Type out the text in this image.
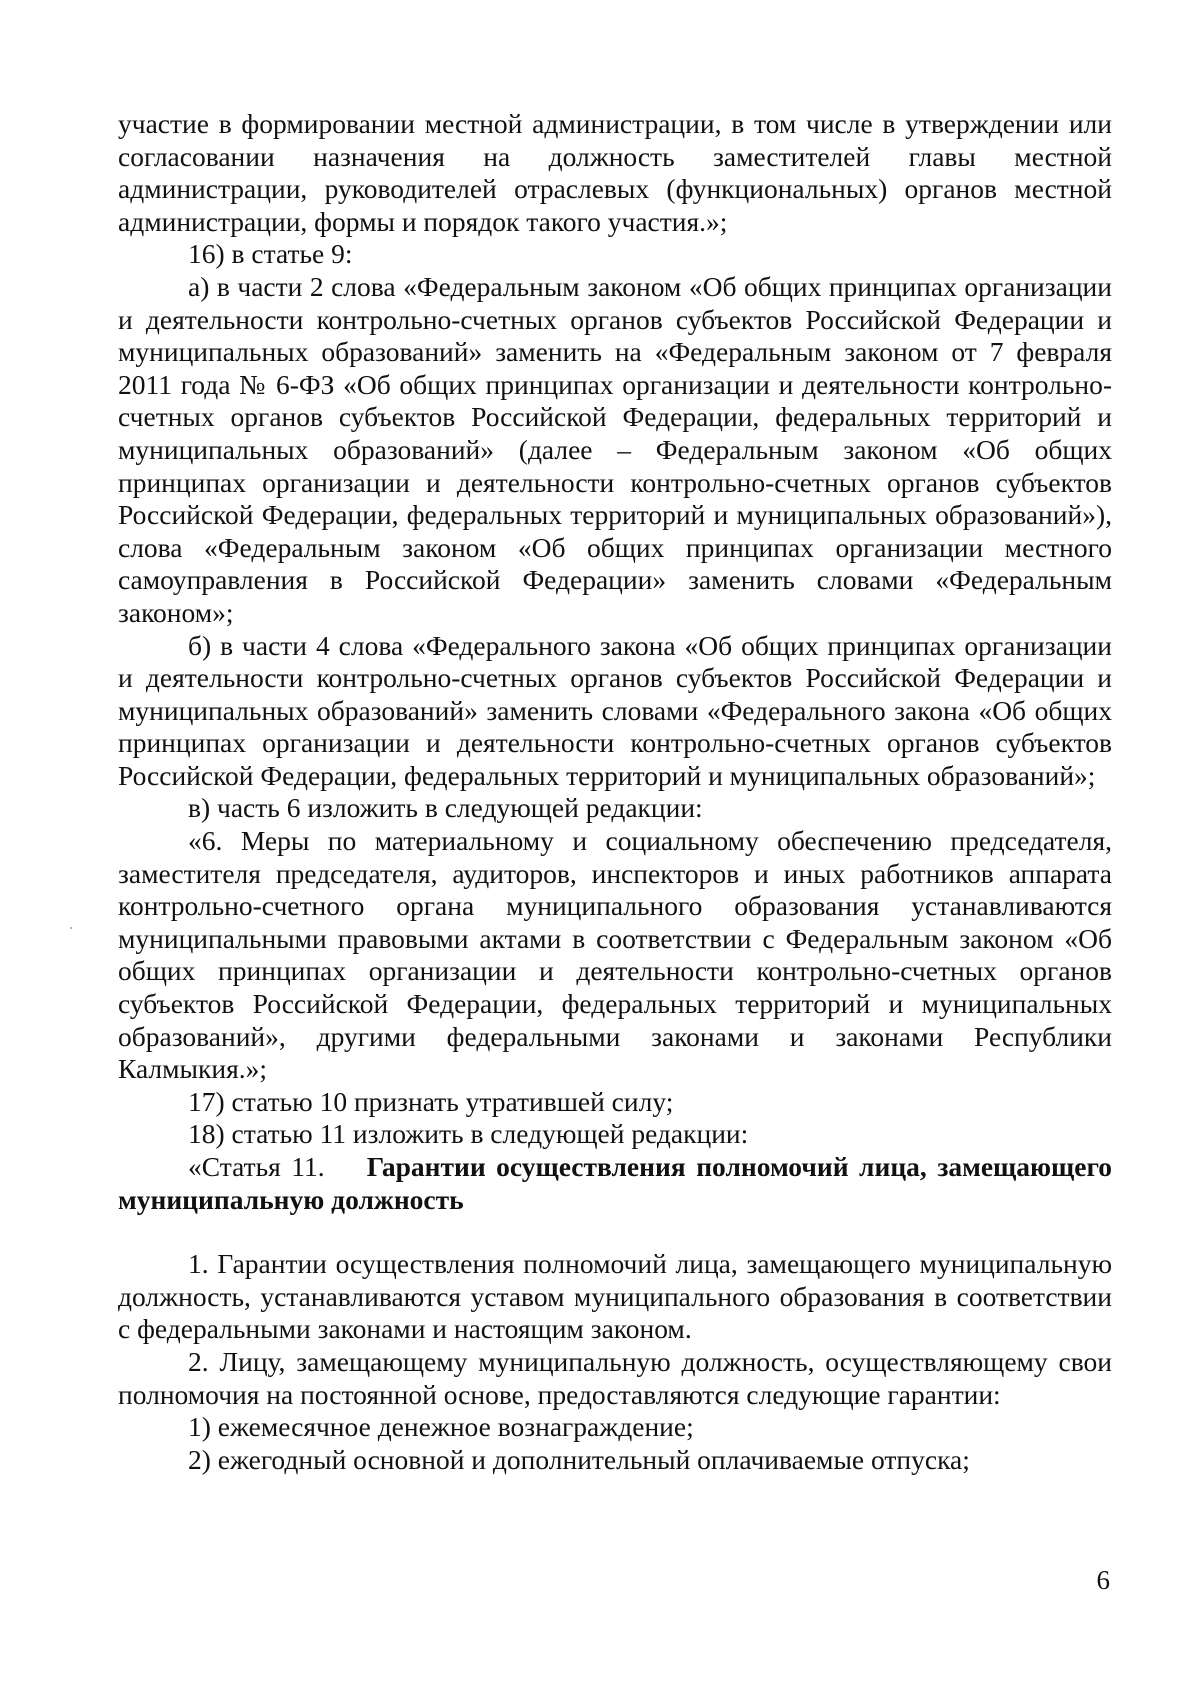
участие в формировании местной администрации, в том числе в утверждении или согласовании назначения на должность заместителей главы местной администрации, руководителей отраслевых (функциональных) органов местной администрации, формы и порядок такого участия.»;

16) в статье 9:

а) в части 2 слова «Федеральным законом «Об общих принципах организации и деятельности контрольно-счетных органов субъектов Российской Федерации и муниципальных образований» заменить на «Федеральным законом от 7 февраля 2011 года № 6-ФЗ «Об общих принципах организации и деятельности контрольно-счетных органов субъектов Российской Федерации, федеральных территорий и муниципальных образований» (далее – Федеральным законом «Об общих принципах организации и деятельности контрольно-счетных органов субъектов Российской Федерации, федеральных территорий и муниципальных образований»), слова «Федеральным законом «Об общих принципах организации местного самоуправления в Российской Федерации» заменить словами «Федеральным законом»;

б) в части 4 слова «Федерального закона «Об общих принципах организации и деятельности контрольно-счетных органов субъектов Российской Федерации и муниципальных образований» заменить словами «Федерального закона «Об общих принципах организации и деятельности контрольно-счетных органов субъектов Российской Федерации, федеральных территорий и муниципальных образований»;

в) часть 6 изложить в следующей редакции:

«6. Меры по материальному и социальному обеспечению председателя, заместителя председателя, аудиторов, инспекторов и иных работников аппарата контрольно-счетного органа муниципального образования устанавливаются муниципальными правовыми актами в соответствии с Федеральным законом «Об общих принципах организации и деятельности контрольно-счетных органов субъектов Российской Федерации, федеральных территорий и муниципальных образований», другими федеральными законами и законами Республики Калмыкия.»;

17) статью 10 признать утратившей силу;

18) статью 11 изложить в следующей редакции:

«Статья 11. Гарантии осуществления полномочий лица, замещающего муниципальную должность

1. Гарантии осуществления полномочий лица, замещающего муниципальную должность, устанавливаются уставом муниципального образования в соответствии с федеральными законами и настоящим законом.

2. Лицу, замещающему муниципальную должность, осуществляющему свои полномочия на постоянной основе, предоставляются следующие гарантии:

1) ежемесячное денежное вознаграждение;

2) ежегодный основной и дополнительный оплачиваемые отпуска;

6
